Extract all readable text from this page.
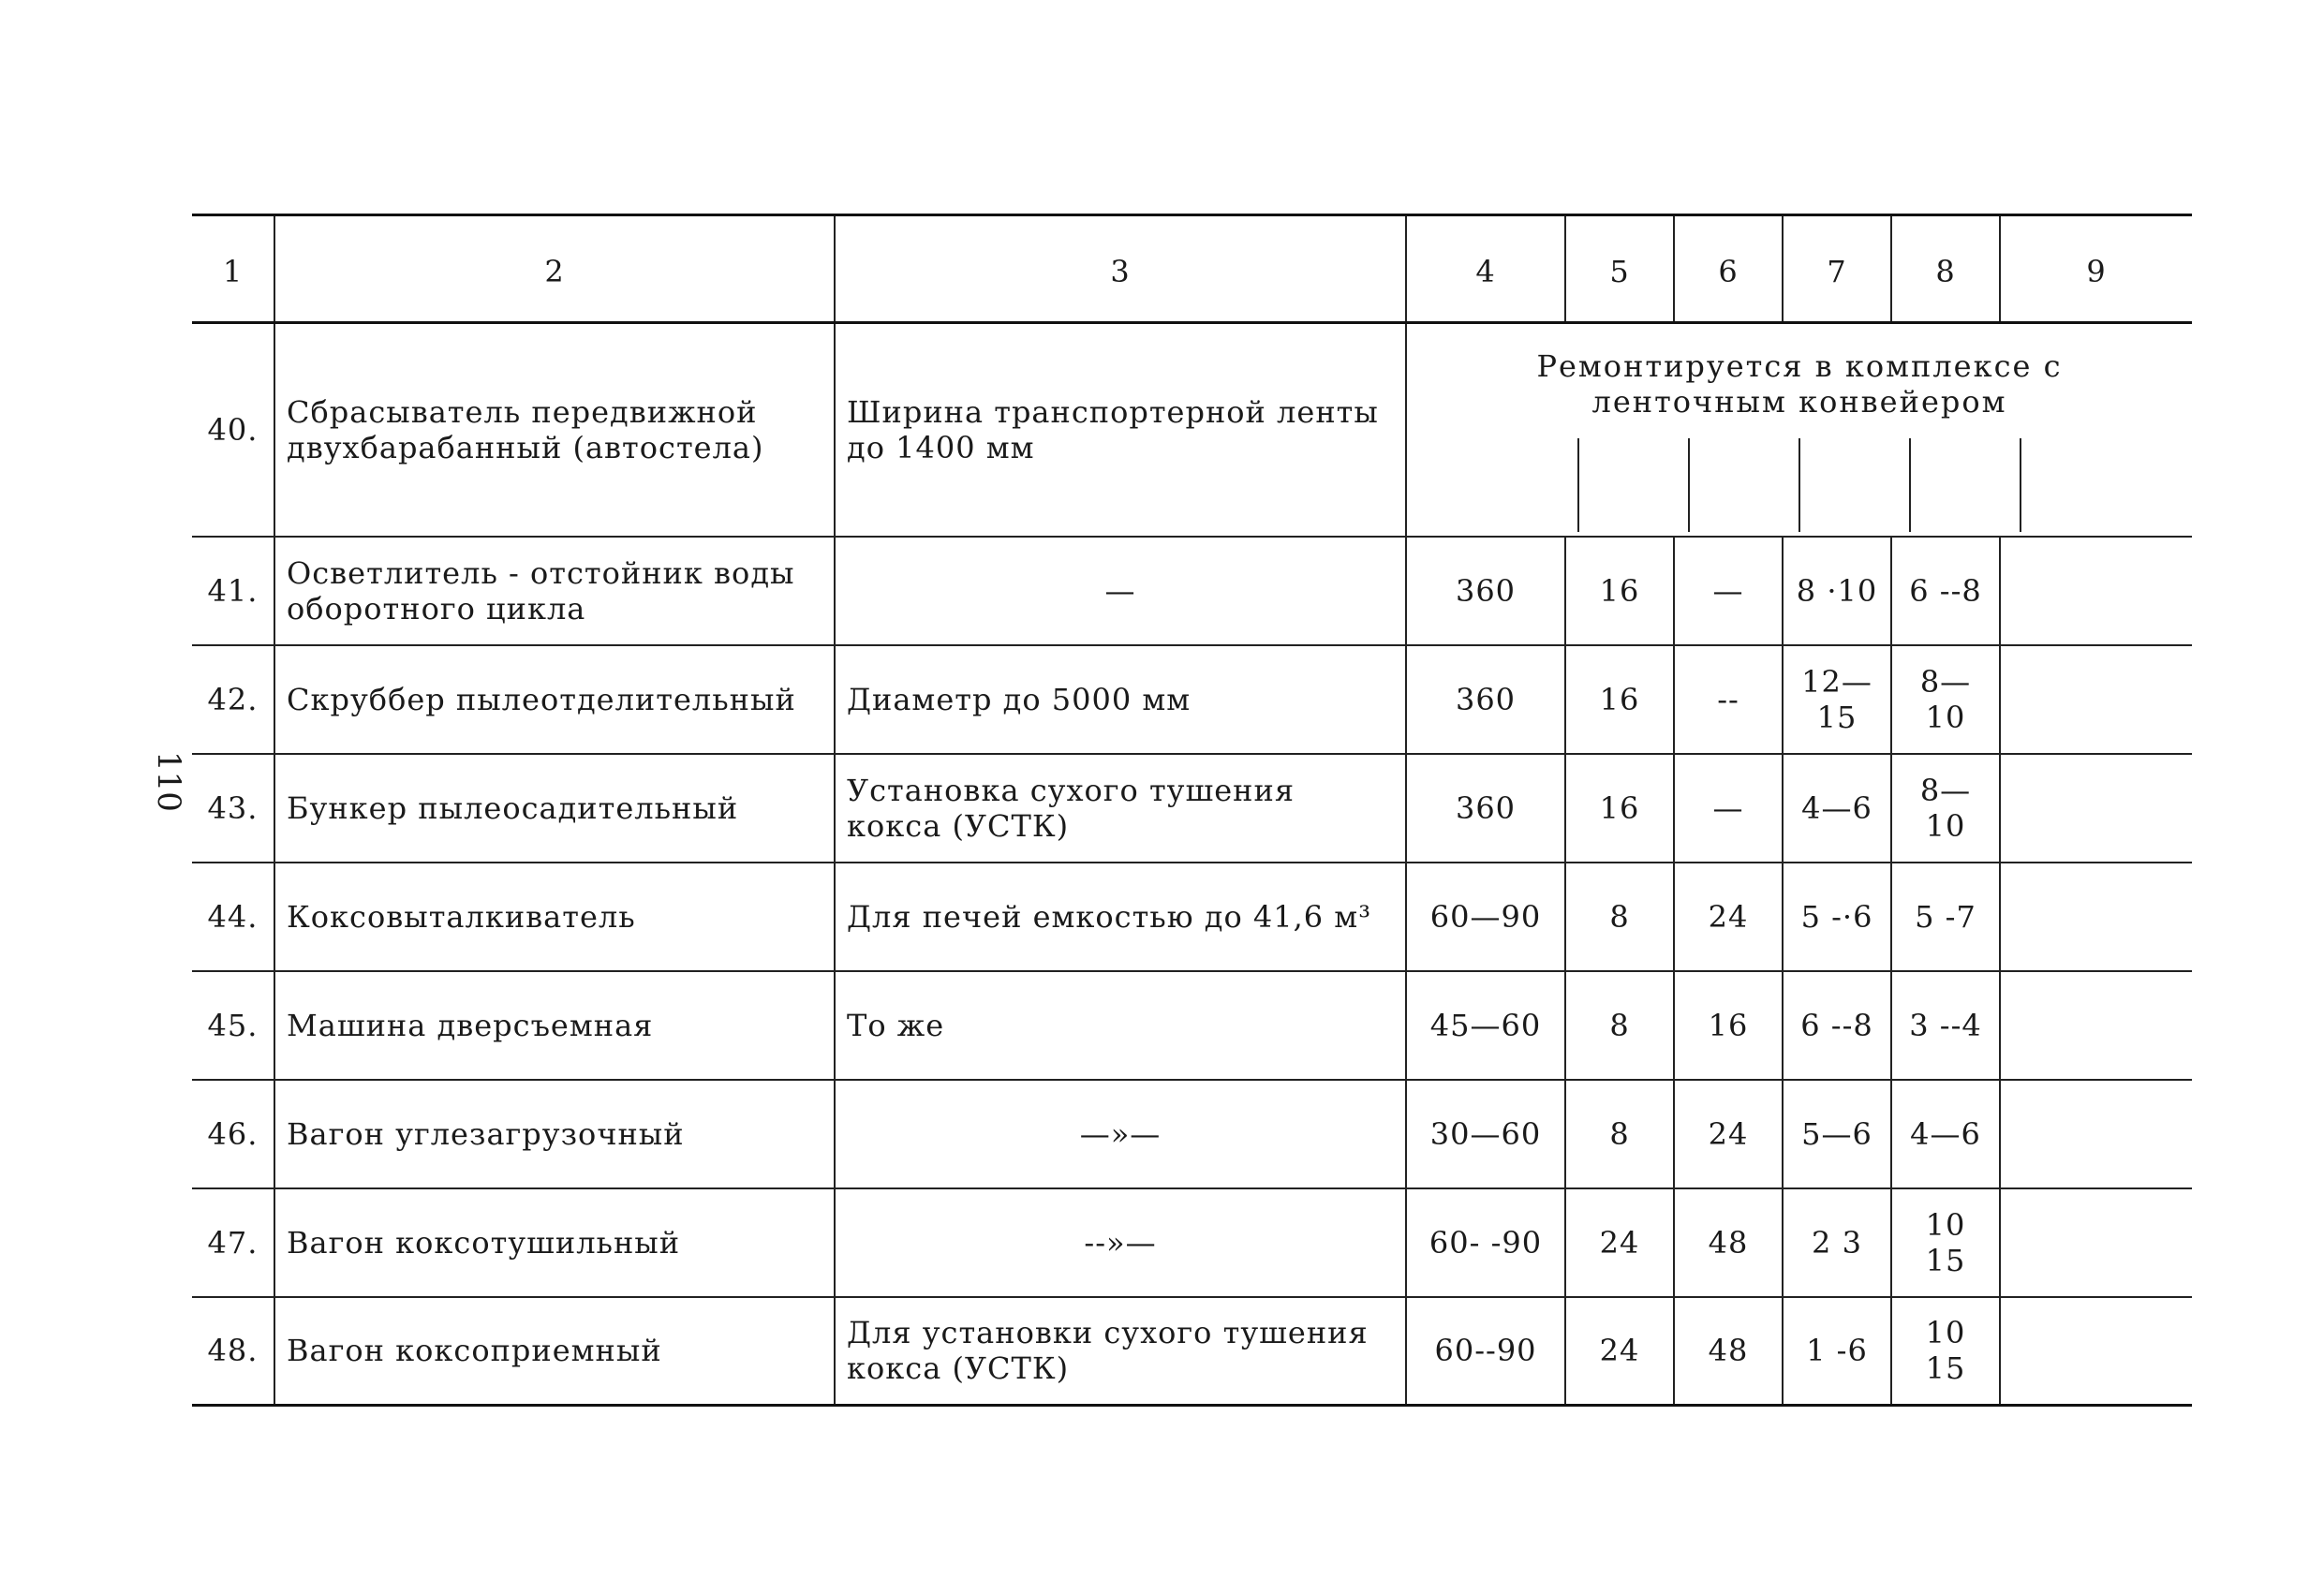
110
1	2	3	4	5	6	7	8	9
40.	Сбрасыватель передвижной двухбарабанный (автостела)	Ширина транспортерной ленты до 1400 мм	Ремонтируется в комплексе с ленточным конвейером					

41.	Осветлитель - отстойник воды оборотного цикла	—	360	16	—	8 ·10	6 --8	
42.	Скруббер пылеотделительный	Диаметр до 5000 мм	360	16	--	12—15	8—10	
43.	Бункер пылеосадительный	Установка сухого тушения кокса (УСТК)	360	16	—	4—6	8—10	
44.	Коксовыталкиватель	Для печей емкостью до 41,6 м³	60—90	8	24	5 -·6	5 -7	
45.	Машина дверсъемная	То же	45—60	8	16	6 --8	3 --4	
46.	Вагон углезагрузочный	—»—	30—60	8	24	5—6	4—6	
47.	Вагон коксотушильный	--»—	60- -90	24	48	2 3	10 15	
48.	Вагон коксоприемный	Для установки сухого тушения кокса (УСТК)	60--90	24	48	1 -6	10 15	
